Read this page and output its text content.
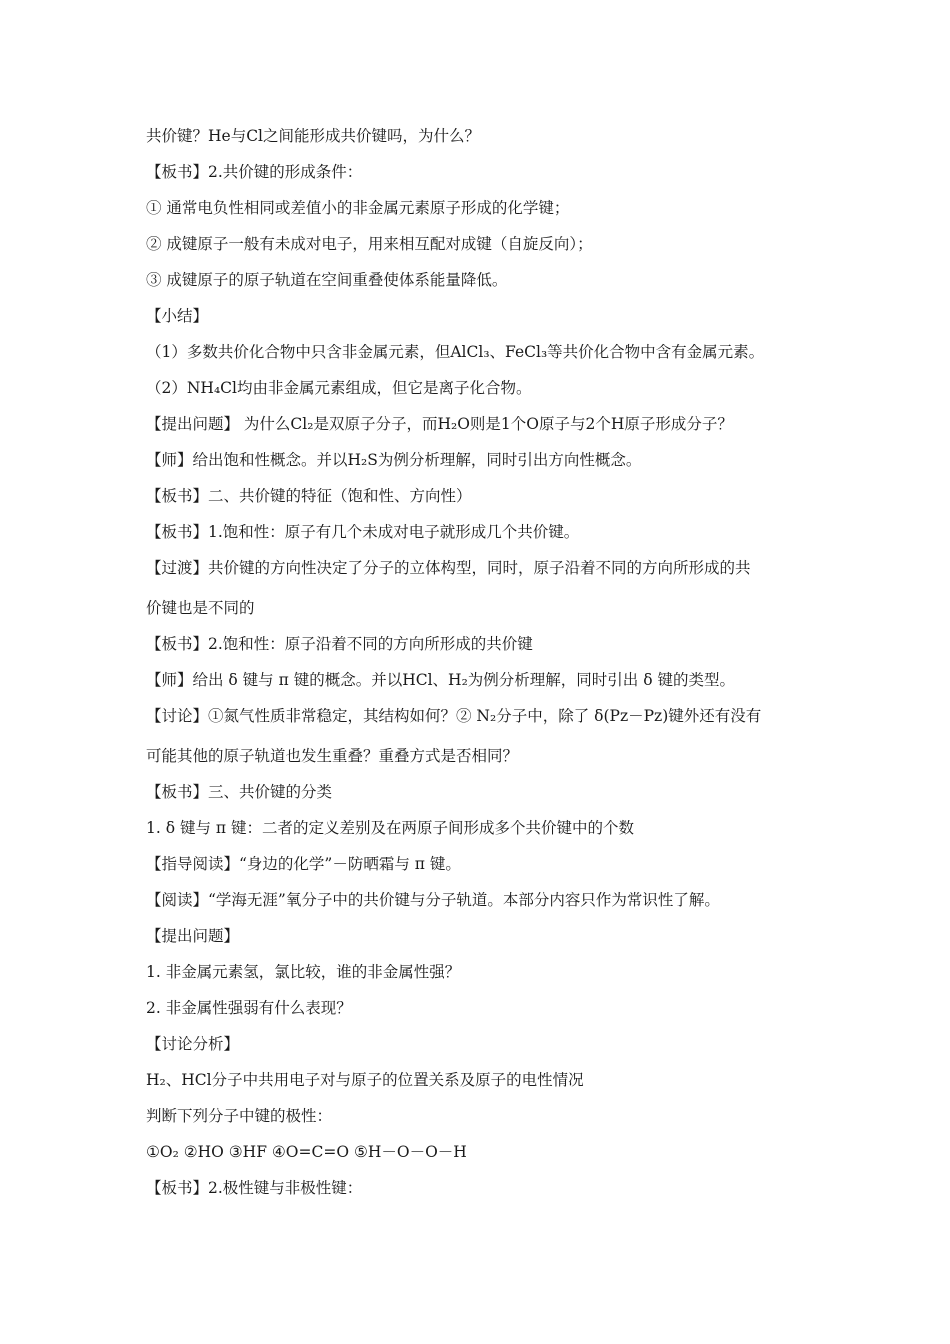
共价键？He与Cl之间能形成共价键吗，为什么？
【板书】2.共价键的形成条件：
① 通常电负性相同或差值小的非金属元素原子形成的化学键；
② 成键原子一般有未成对电子，用来相互配对成键（自旋反向）；
③ 成键原子的原子轨道在空间重叠使体系能量降低。
【小结】
（1）多数共价化合物中只含非金属元素，但AlCl₃、FeCl₃等共价化合物中含有金属元素。
（2）NH₄Cl均由非金属元素组成，但它是离子化合物。
【提出问题】 为什么Cl₂是双原子分子，而H₂O则是1个O原子与2个H原子形成分子？
【师】给出饱和性概念。并以H₂S为例分析理解，同时引出方向性概念。
【板书】二、共价键的特征（饱和性、方向性）
【板书】1.饱和性：原子有几个未成对电子就形成几个共价键。
【过渡】共价键的方向性决定了分子的立体构型，同时，原子沿着不同的方向所形成的共
价键也是不同的
【板书】2.饱和性：原子沿着不同的方向所形成的共价键
【师】给出 δ 键与 π 键的概念。并以HCl、H₂为例分析理解，同时引出 δ 键的类型。
【讨论】①氮气性质非常稳定，其结构如何？② N₂分子中，除了 δ(Pz－Pz)键外还有没有
可能其他的原子轨道也发生重叠？重叠方式是否相同？
【板书】三、共价键的分类
1. δ 键与 π 键：二者的定义差别及在两原子间形成多个共价键中的个数
【指导阅读】“身边的化学”－防晒霜与 π 键。
【阅读】“学海无涯”氧分子中的共价键与分子轨道。本部分内容只作为常识性了解。
【提出问题】
1. 非金属元素氢，氯比较，谁的非金属性强？
2. 非金属性强弱有什么表现？
【讨论分析】
H₂、HCl分子中共用电子对与原子的位置关系及原子的电性情况
判断下列分子中键的极性：
①O₂ ②HO ③HF ④O=C=O ⑤H－O－O－H
【板书】2.极性键与非极性键：
